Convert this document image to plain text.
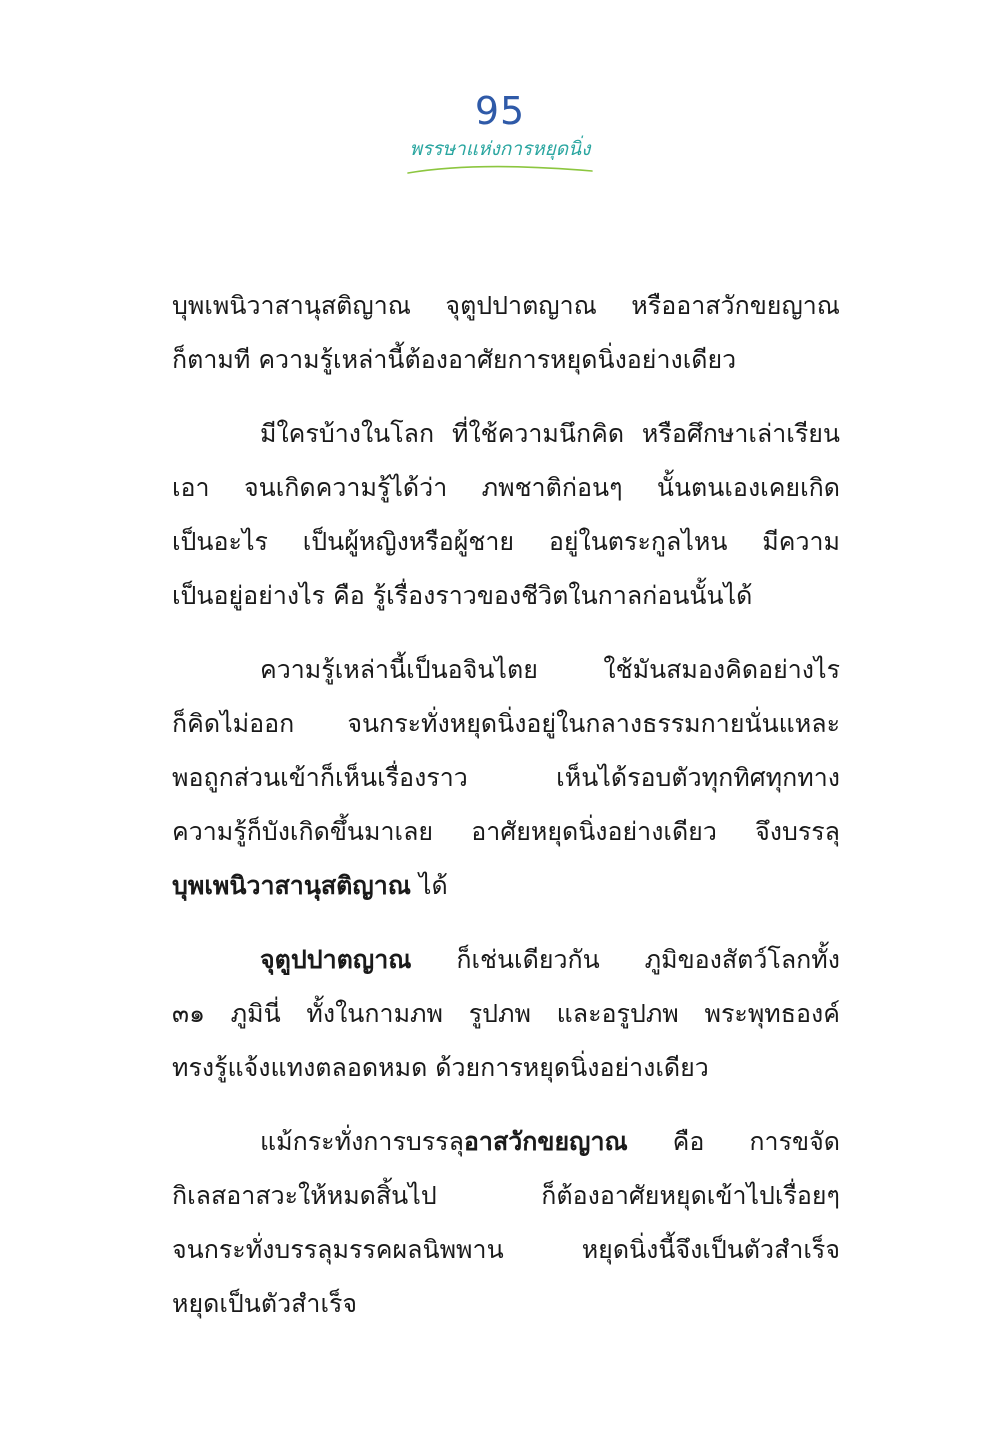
95
พรรษาแห่งการหยุดนิ่ง
บุพเพนิวาสานุสติญาณ จุตูปปาตญาณ หรืออาสวักขยญาณ
ก็ตามที ความรู้เหล่านี้ต้องอาศัยการหยุดนิ่งอย่างเดียว
มีใครบ้างในโลก ที่ใช้ความนึกคิด หรือศึกษาเล่าเรียน
เอา จนเกิดความรู้ได้ว่า ภพชาติก่อนๆ นั้นตนเองเคยเกิด
เป็นอะไร เป็นผู้หญิงหรือผู้ชาย อยู่ในตระกูลไหน มีความ
เป็นอยู่อย่างไร คือ รู้เรื่องราวของชีวิตในกาลก่อนนั้นได้
ความรู้เหล่านี้เป็นอจินไตย ใช้มันสมองคิดอย่างไร
ก็คิดไม่ออก จนกระทั่งหยุดนิ่งอยู่ในกลางธรรมกายนั่นแหละ
พอถูกส่วนเข้าก็เห็นเรื่องราว เห็นได้รอบตัวทุกทิศทุกทาง
ความรู้ก็บังเกิดขึ้นมาเลย อาศัยหยุดนิ่งอย่างเดียว จึงบรรลุ
บุพเพนิวาสานุสติญาณ ได้
จุตูปปาตญาณ ก็เช่นเดียวกัน ภูมิของสัตว์โลกทั้ง
๓๑ ภูมินี่ ทั้งในกามภพ รูปภพ และอรูปภพ พระพุทธองค์
ทรงรู้แจ้งแทงตลอดหมด ด้วยการหยุดนิ่งอย่างเดียว
แม้กระทั่งการบรรลุอาสวักขยญาณ คือ การขจัด
กิเลสอาสวะให้หมดสิ้นไป ก็ต้องอาศัยหยุดเข้าไปเรื่อยๆ
จนกระทั่งบรรลุมรรคผลนิพพาน หยุดนิ่งนี้จึงเป็นตัวสำเร็จ
หยุดเป็นตัวสำเร็จ
